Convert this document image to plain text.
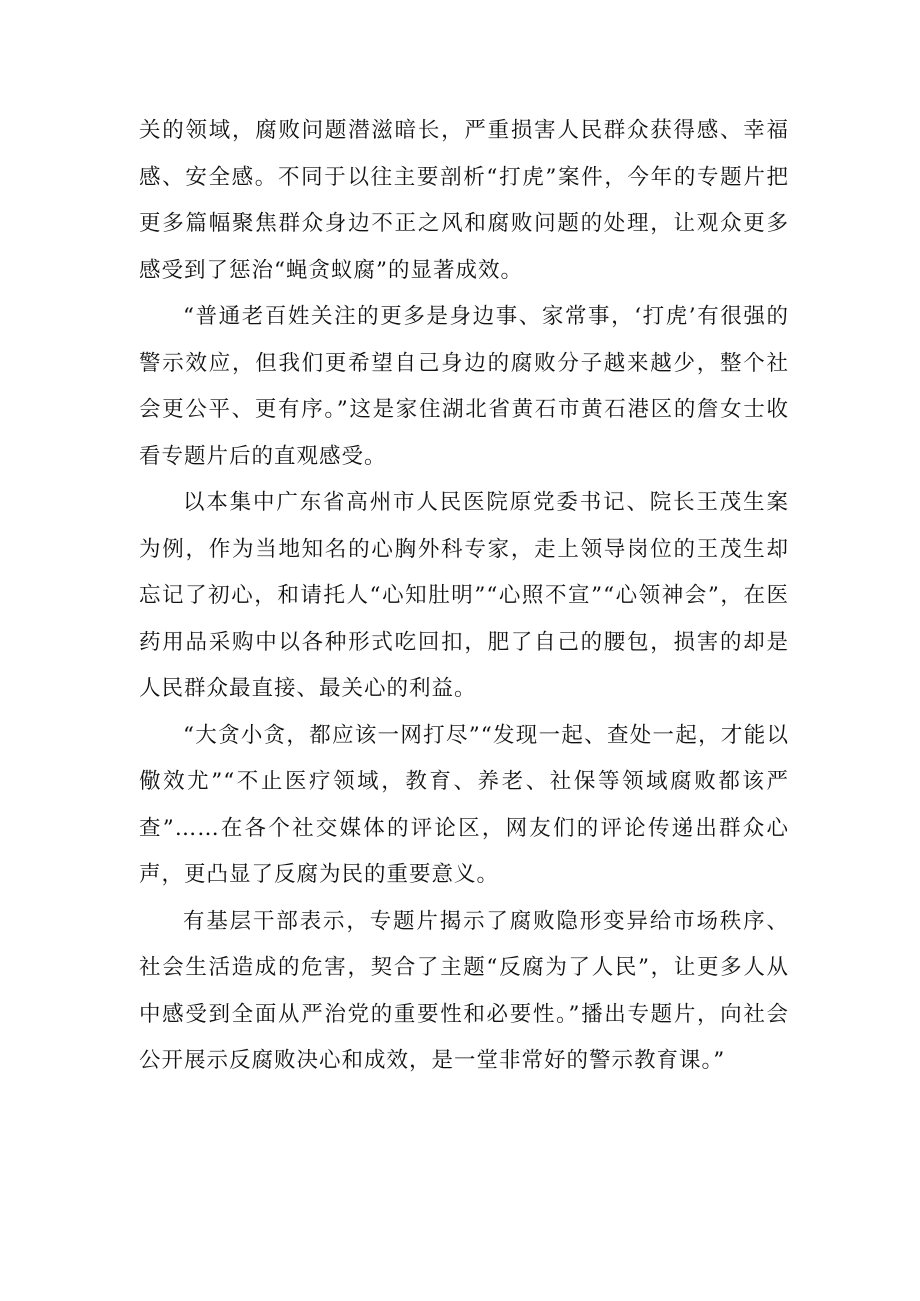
关的领域，腐败问题潜滋暗长，严重损害人民群众获得感、幸福感、安全感。不同于以往主要剖析“打虎”案件，今年的专题片把更多篇幅聚焦群众身边不正之风和腐败问题的处理，让观众更多感受到了惩治“蝇贪蚁腐”的显著成效。

“普通老百姓关注的更多是身边事、家常事，‘打虎’有很强的警示效应，但我们更希望自己身边的腐败分子越来越少，整个社会更公平、更有序。”这是家住湖北省黄石市黄石港区的詹女士收看专题片后的直观感受。

以本集中广东省高州市人民医院原党委书记、院长王茂生案为例，作为当地知名的心胸外科专家，走上领导岗位的王茂生却忘记了初心，和请托人“心知肚明”“心照不宣”“心领神会”，在医药用品采购中以各种形式吃回扣，肥了自己的腰包，损害的却是人民群众最直接、最关心的利益。

“大贪小贪，都应该一网打尽”“发现一起、查处一起，才能以儆效尤”“不止医疗领域，教育、养老、社保等领域腐败都该严查”……在各个社交媒体的评论区，网友们的评论传递出群众心声，更凸显了反腐为民的重要意义。

有基层干部表示，专题片揭示了腐败隐形变异给市场秩序、社会生活造成的危害，契合了主题“反腐为了人民”，让更多人从中感受到全面从严治党的重要性和必要性。”播出专题片，向社会公开展示反腐败决心和成效，是一堂非常好的警示教育课。”
